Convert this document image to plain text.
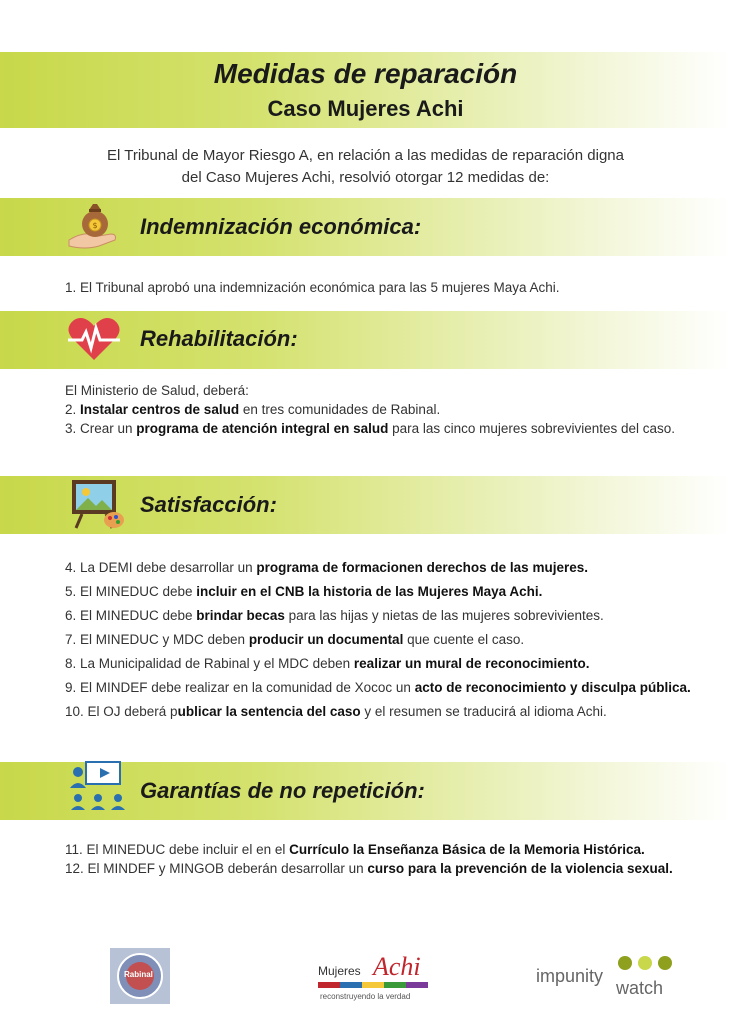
Medidas de reparación
Caso Mujeres Achi
El Tribunal de Mayor Riesgo A, en relación a las medidas de reparación digna
del Caso Mujeres Achi, resolvió otorgar 12 medidas de:
$ Indemnización económica:
1. El Tribunal aprobó una indemnización económica para las 5 mujeres Maya Achi.
Rehabilitación:
El Ministerio de Salud, deberá:
2. Instalar centros de salud en tres comunidades de Rabinal.
3. Crear un programa de atención integral en salud para las cinco mujeres sobrevivientes del caso.
Satisfacción:
4. La DEMI debe desarrollar un programa de formacionen derechos de las mujeres.
5. El MINEDUC debe incluir en el CNB la historia de las Mujeres Maya Achi.
6. El MINEDUC debe brindar becas para las hijas y nietas de las mujeres sobrevivientes.
7. El MINEDUC y MDC deben producir un documental que cuente el caso.
8. La Municipalidad de Rabinal y el MDC deben realizar un mural de reconocimiento.
9. El MINDEF debe realizar en la comunidad de Xococ un acto de reconocimiento y disculpa pública.
10. El OJ deberá publicar la sentencia del caso y el resumen se traducirá al idioma Achi.
Garantías de no repetición:
11. El MINEDUC debe incluir el en el Currículo la Enseñanza Básica de la Memoria Histórica.
12. El MINDEF y MINGOB deberán desarrollar un curso para la prevención de la violencia sexual.
Rabinal	Mujeres Achi
reconstruyendo la verdad
impunity
watch
